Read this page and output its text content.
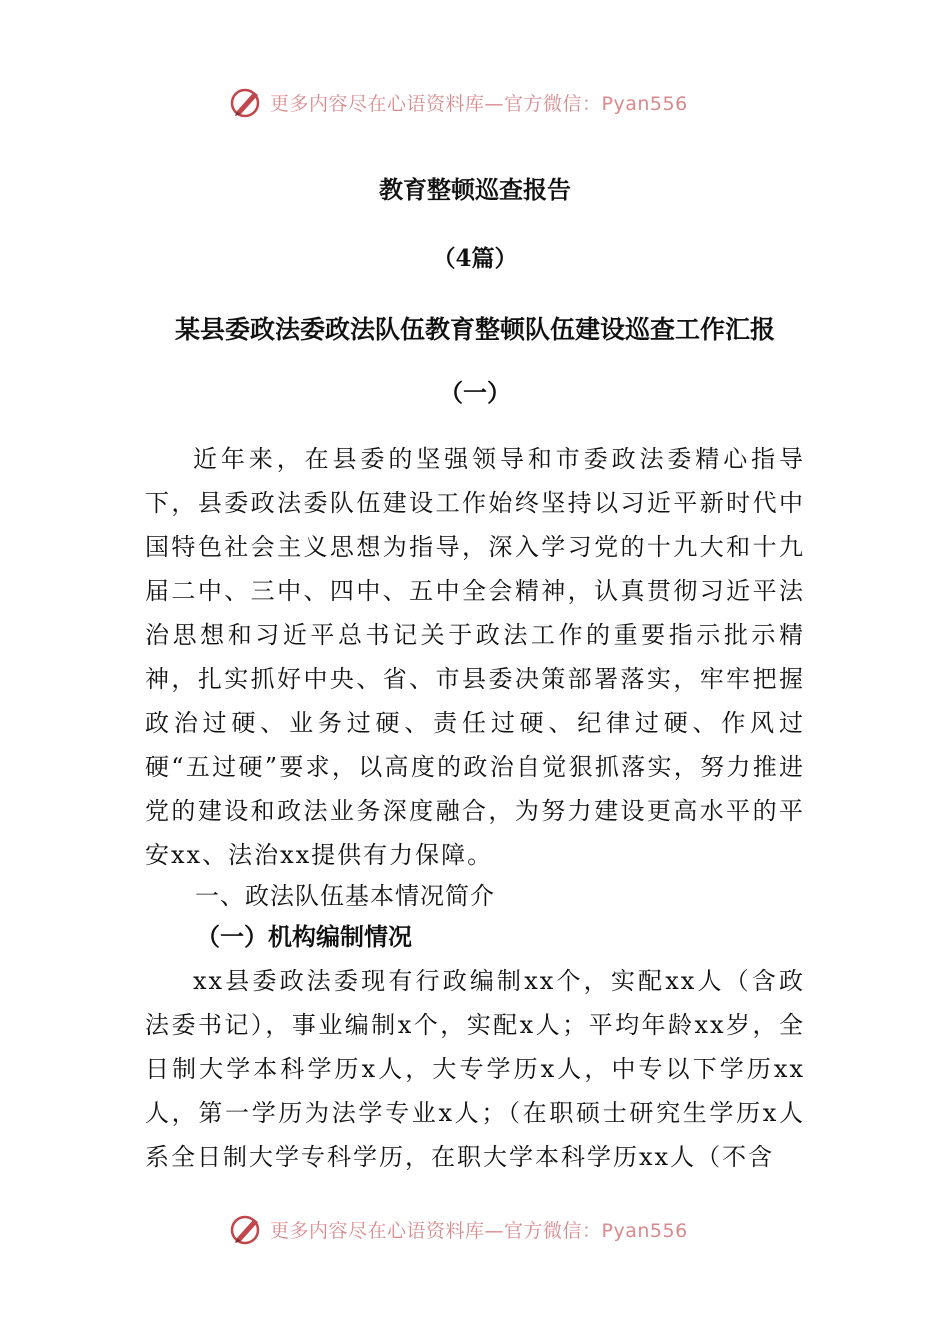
更多内容尽在心语资料库—官方微信：Pyan556
教育整顿巡查报告
（4篇）
某县委政法委政法队伍教育整顿队伍建设巡查工作汇报
（一）

近年来，在县委的坚强领导和市委政法委精心指导下，县委政法委队伍建设工作始终坚持以习近平新时代中国特色社会主义思想为指导，深入学习党的十九大和十九届二中、三中、四中、五中全会精神，认真贯彻习近平法治思想和习近平总书记关于政法工作的重要指示批示精神，扎实抓好中央、省、市县委决策部署落实，牢牢把握政治过硬、业务过硬、责任过硬、纪律过硬、作风过硬“五过硬”要求，以高度的政治自觉狠抓落实，努力推进党的建设和政法业务深度融合，为努力建设更高水平的平安xx、法治xx提供有力保障。

一、政法队伍基本情况简介
（一）机构编制情况

xx县委政法委现有行政编制xx个，实配xx人（含政法委书记），事业编制x个，实配x人；平均年龄xx岁，全日制大学本科学历x人，大专学历x人，中专以下学历xx人，第一学历为法学专业x人；（在职硕士研究生学历x人系全日制大学专科学历，在职大学本科学历xx人（不含

更多内容尽在心语资料库—官方微信：Pyan556
